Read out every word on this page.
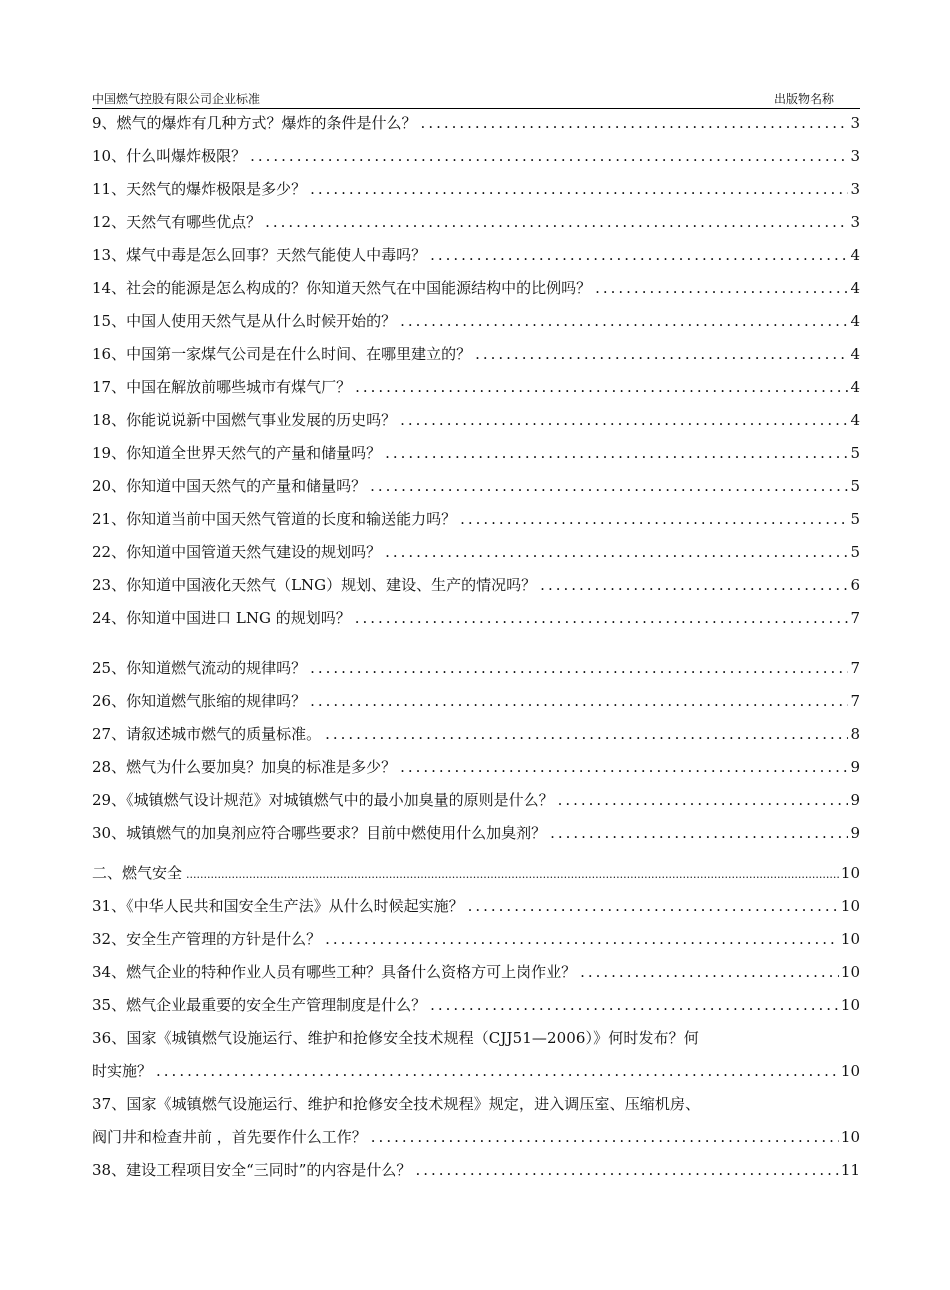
中国燃气控股有限公司企业标准	出版物名称
9、燃气的爆炸有几种方式？爆炸的条件是什么？ .....	3
10、什么叫爆炸极限？ .....	3
11、天然气的爆炸极限是多少？ .....	3
12、天然气有哪些优点？ .....	3
13、煤气中毒是怎么回事？天然气能使人中毒吗？ .....	4
14、社会的能源是怎么构成的？你知道天然气在中国能源结构中的比例吗？ .....	4
15、中国人使用天然气是从什么时候开始的？ .....	4
16、中国第一家煤气公司是在什么时间、在哪里建立的？ .....	4
17、中国在解放前哪些城市有煤气厂？ .....	4
18、你能说说新中国燃气事业发展的历史吗？ .....	4
19、你知道全世界天然气的产量和储量吗？ .....	5
20、你知道中国天然气的产量和储量吗？ .....	5
21、你知道当前中国天然气管道的长度和输送能力吗？ .....	5
22、你知道中国管道天然气建设的规划吗？ .....	5
23、你知道中国液化天然气（LNG）规划、建设、生产的情况吗？ .....	6
24、你知道中国进口 LNG 的规划吗？ .....	7
25、你知道燃气流动的规律吗？ .....	7
26、你知道燃气胀缩的规律吗？ .....	7
27、请叙述城市燃气的质量标准。 .....	8
28、燃气为什么要加臭？加臭的标准是多少？ .....	9
29、《城镇燃气设计规范》对城镇燃气中的最小加臭量的原则是什么？ .....	9
30、城镇燃气的加臭剂应符合哪些要求？目前中燃使用什么加臭剂？ .....	9
二、燃气安全 .....	10
31、《中华人民共和国安全生产法》从什么时候起实施？ .....	10
32、安全生产管理的方针是什么？ .....	10
34、燃气企业的特种作业人员有哪些工种？具备什么资格方可上岗作业？ .....	10
35、燃气企业最重要的安全生产管理制度是什么？ .....	10
36、国家《城镇燃气设施运行、维护和抢修安全技术规程（CJJ51—2006）》何时发布？何
时实施？ .....	10
37、国家《城镇燃气设施运行、维护和抢修安全技术规程》规定，进入调压室、压缩机房、
阀门井和检查井前 ，首先要作什么工作？ .....	10
38、建设工程项目安全“三同时”的内容是什么？ .....	11
